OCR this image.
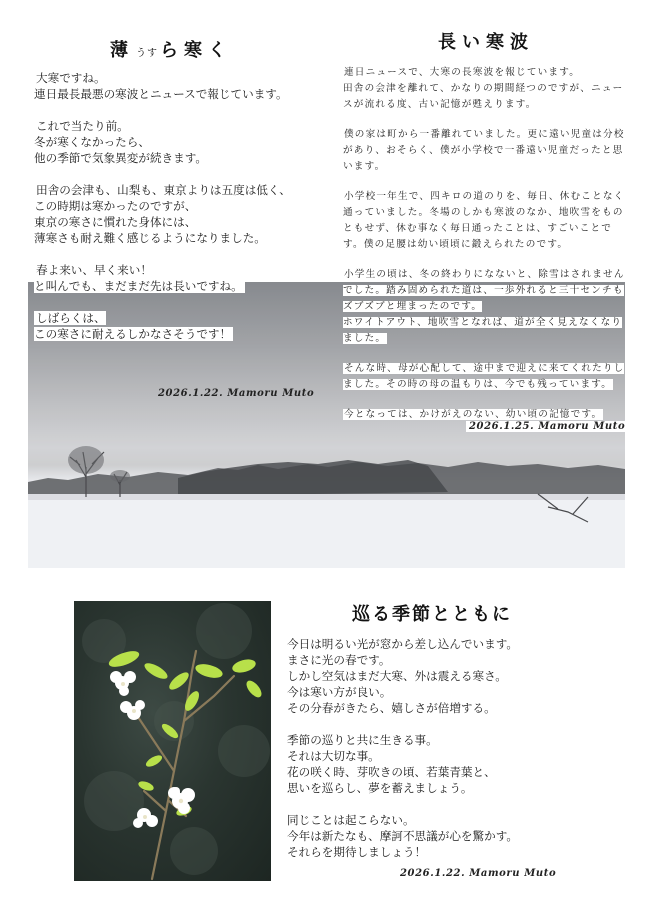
薄うす ら寒く

大寒ですね。
連日最長最悪の寒波とニュースで報じています。

これで当たり前。
冬が寒くなかったら、
他の季節で気象異変が続きます。

田舎の会津も、山梨も、東京よりは五度は低く、
この時期は寒かったのですが、
東京の寒さに慣れた身体には、
薄寒さも耐え難く感じるようになりました。

春よ来い、早く来い！
と叫んでも、まだまだ先は長いですね。

しばらくは、
この寒さに耐えるしかなさそうです！

2026.1.22. Mamoru Muto
長い寒波

連日ニュースで、大寒の長寒波を報じています。
田舎の会津を離れて、かなりの期間経つのですが、ニュースが流れる度、古い記憶が甦えります。

僕の家は町から一番離れていました。更に遠い児童は分校があり、おそらく、僕が小学校で一番遠い児童だったと思います。

小学校一年生で、四キロの道のりを、毎日、休むことなく通っていました。冬場のしかも寒波のなか、地吹雪をものともせず、休む事なく毎日通ったことは、すごいことです。僕の足腰は幼い頃頃に鍛えられたのです。

小学生の頃は、冬の終わりになないと、除雪はされませんでした。踏み固められた道は、一歩外れると三十センチもズブズブと埋まったのです。
ホワイトアウト、地吹雪となれば、道が全く見えなくなりました。

そんな時、母が心配して、途中まで迎えに来てくれたりしました。その時の母の温もりは、今でも残っています。

今となっては、かけがえのない、幼い頃の記憶です。

2026.1.25. Mamoru Muto
巡る季節とともに

今日は明るい光が窓から差し込んでいます。
まさに光の春です。
しかし空気はまだ大寒、外は震える寒さ。
今は寒い方が良い。
その分春がきたら、嬉しさが倍増する。

季節の巡りと共に生きる事。
それは大切な事。
花の咲く時、芽吹きの頃、若葉青葉と、
思いを巡らし、夢を蓄えましょう。

同じことは起こらない。
今年は新たなも、摩訶不思議が心を驚かす。
それらを期待しましょう！

2026.1.22. Mamoru Muto
